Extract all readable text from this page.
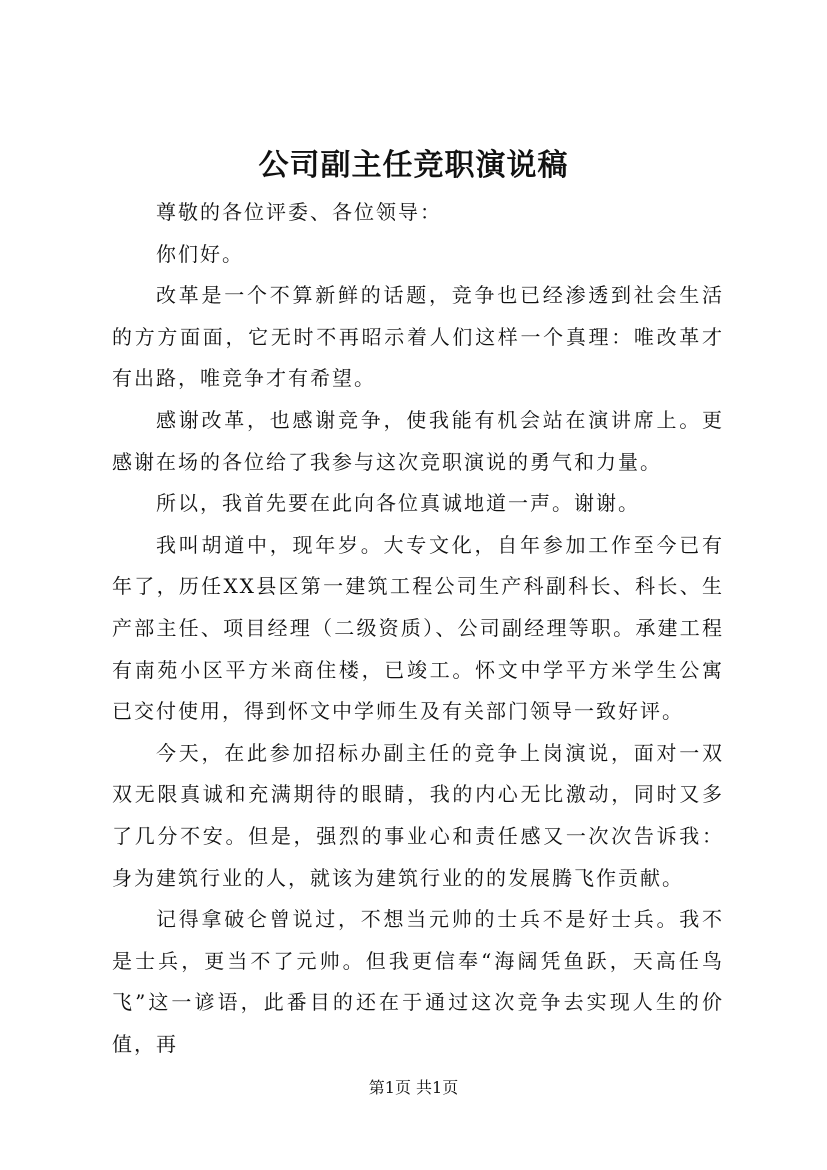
公司副主任竞职演说稿

尊敬的各位评委、各位领导：

你们好。

改革是一个不算新鲜的话题，竞争也已经渗透到社会生活的方方面面，它无时不再昭示着人们这样一个真理：唯改革才有出路，唯竞争才有希望。

感谢改革，也感谢竞争，使我能有机会站在演讲席上。更感谢在场的各位给了我参与这次竞职演说的勇气和力量。

所以，我首先要在此向各位真诚地道一声。谢谢。

我叫胡道中，现年岁。大专文化，自年参加工作至今已有年了，历任XX县区第一建筑工程公司生产科副科长、科长、生产部主任、项目经理（二级资质）、公司副经理等职。承建工程有南苑小区平方米商住楼，已竣工。怀文中学平方米学生公寓已交付使用，得到怀文中学师生及有关部门领导一致好评。

今天，在此参加招标办副主任的竞争上岗演说，面对一双双无限真诚和充满期待的眼睛，我的内心无比激动，同时又多了几分不安。但是，强烈的事业心和责任感又一次次告诉我：身为建筑行业的人，就该为建筑行业的的发展腾飞作贡献。

记得拿破仑曾说过，不想当元帅的士兵不是好士兵。我不是士兵，更当不了元帅。但我更信奉“海阔凭鱼跃，天高任鸟飞”这一谚语，此番目的还在于通过这次竞争去实现人生的价值，再

第1页 共1页
